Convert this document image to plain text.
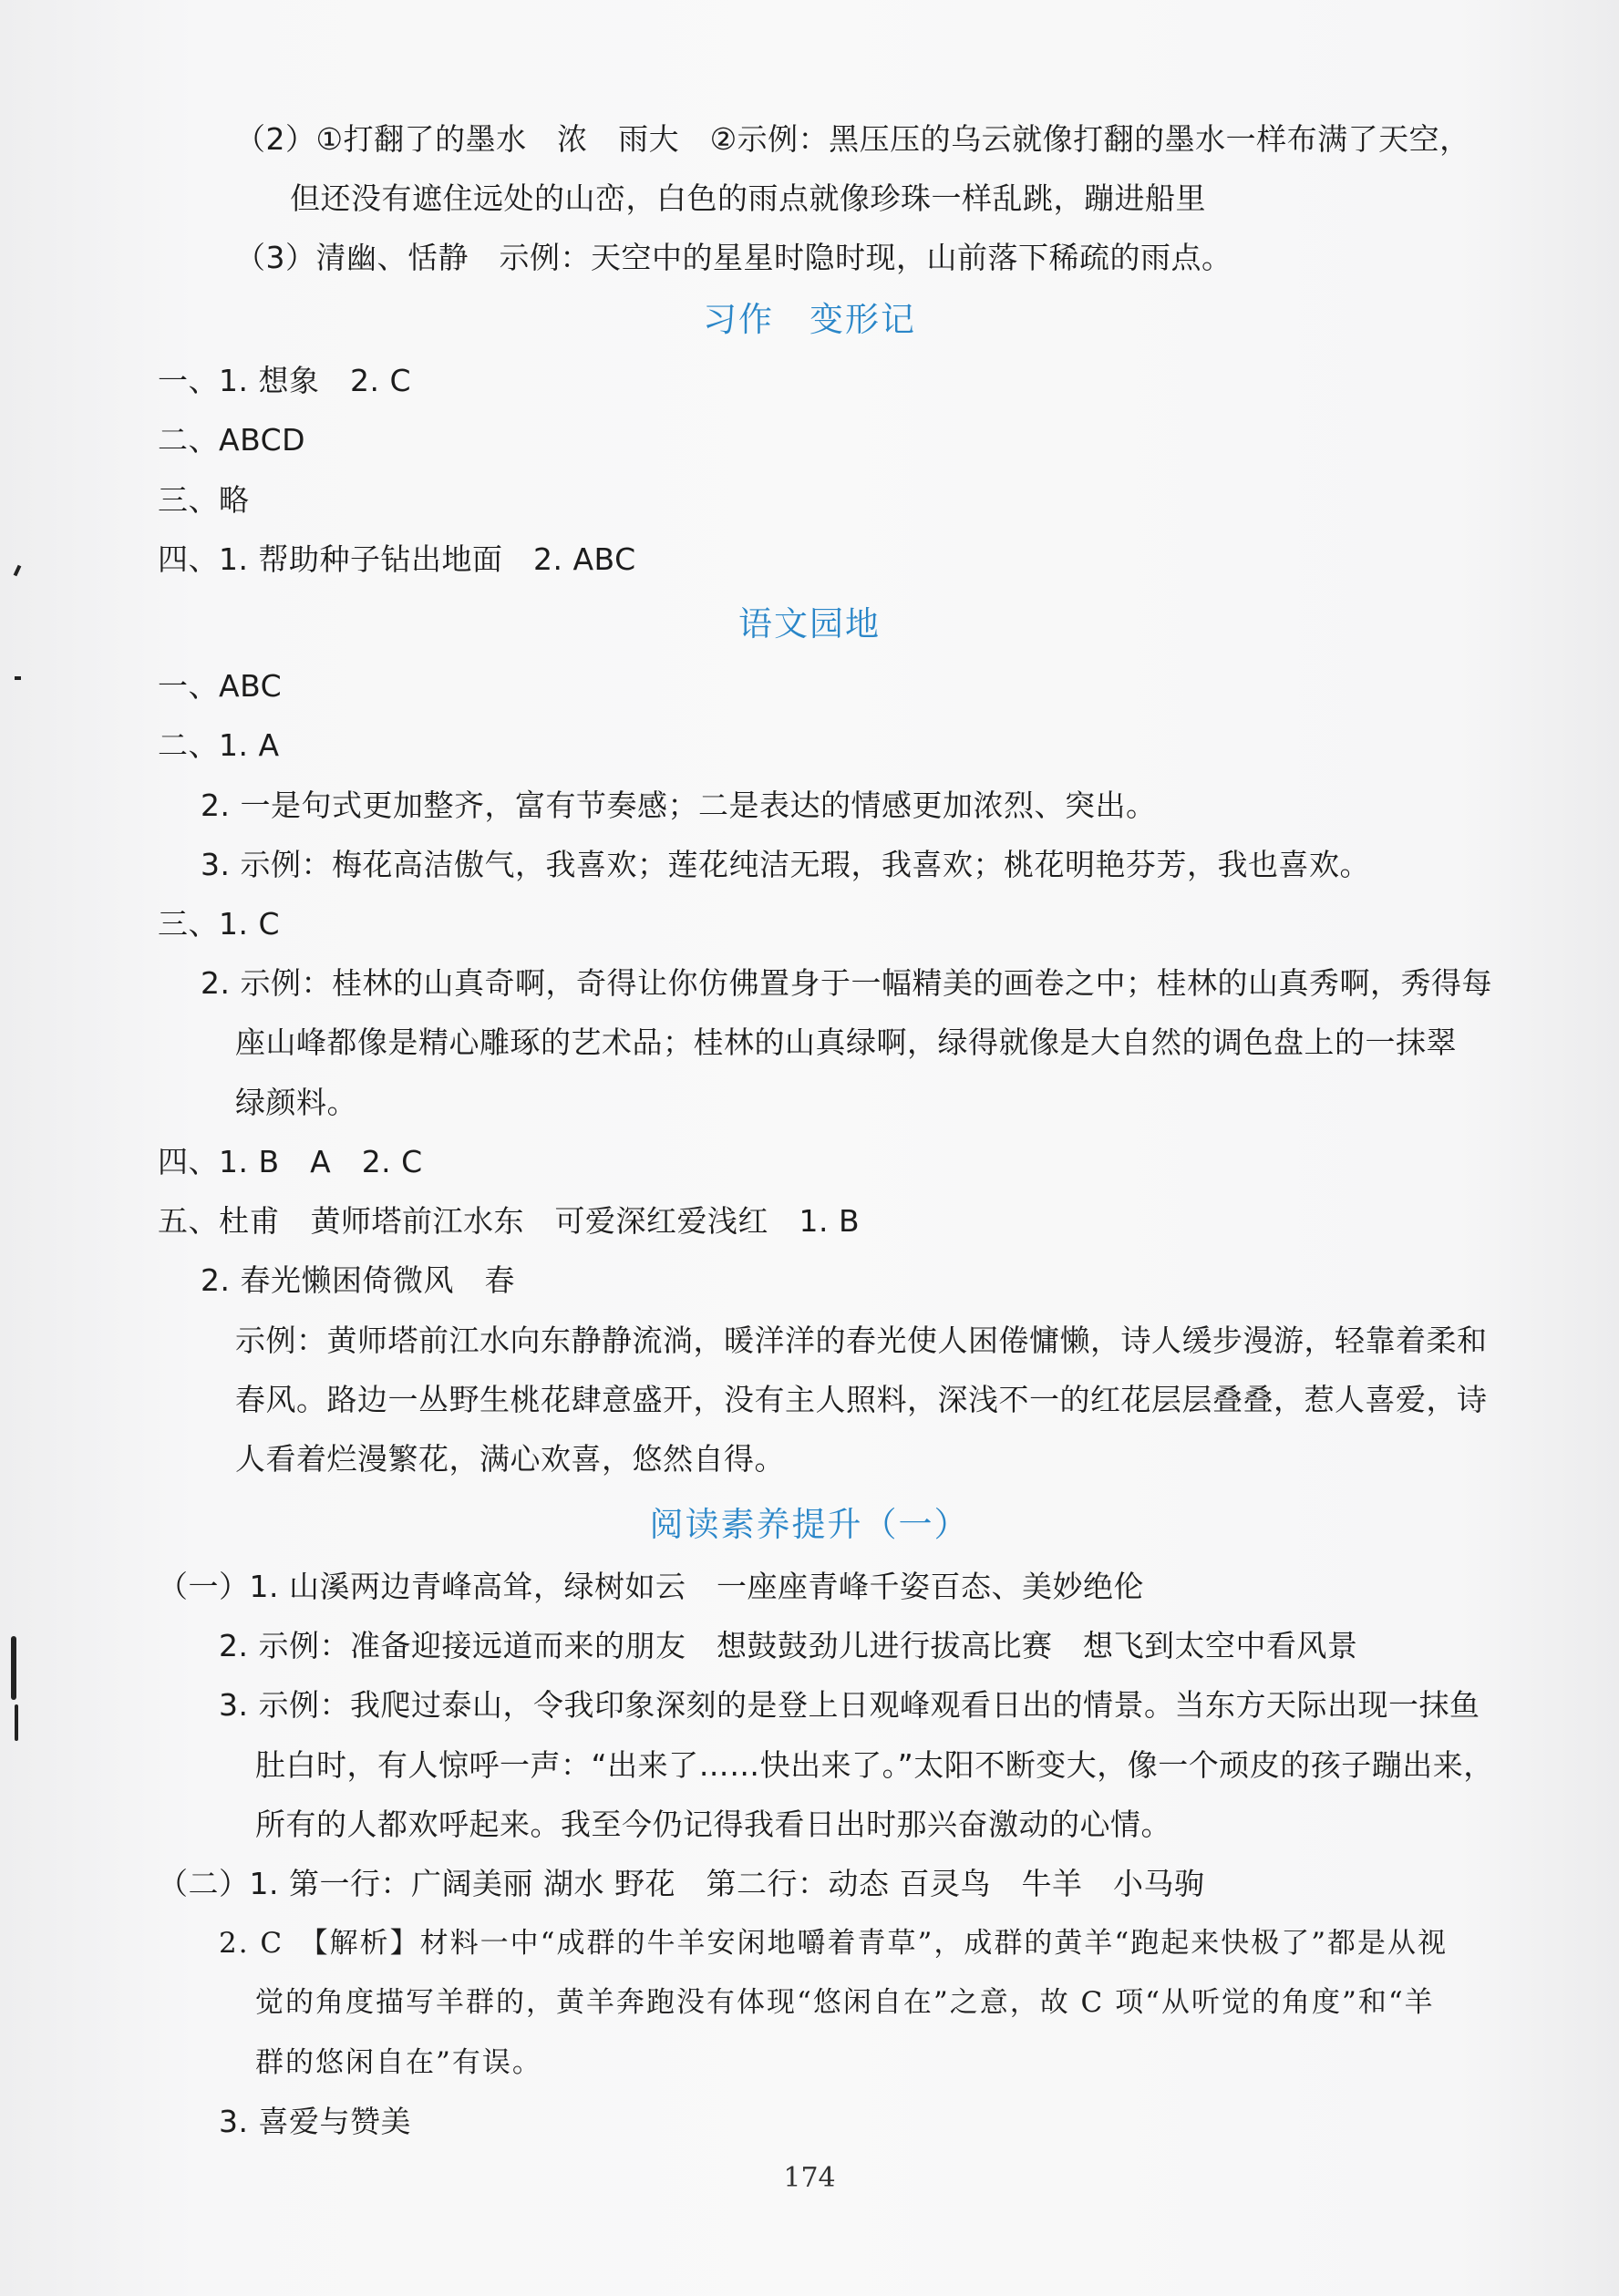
（2）①打翻了的墨水　浓　雨大　②示例：黑压压的乌云就像打翻的墨水一样布满了天空，
但还没有遮住远处的山峦，白色的雨点就像珍珠一样乱跳，蹦进船里
（3）清幽、恬静　示例：天空中的星星时隐时现，山前落下稀疏的雨点。
习作　变形记
一、1. 想象　2. C
二、ABCD
三、略
四、1. 帮助种子钻出地面　2. ABC
语文园地
一、ABC
二、1. A
2. 一是句式更加整齐，富有节奏感；二是表达的情感更加浓烈、突出。
3. 示例：梅花高洁傲气，我喜欢；莲花纯洁无瑕，我喜欢；桃花明艳芬芳，我也喜欢。
三、1. C
2. 示例：桂林的山真奇啊，奇得让你仿佛置身于一幅精美的画卷之中；桂林的山真秀啊，秀得每
座山峰都像是精心雕琢的艺术品；桂林的山真绿啊，绿得就像是大自然的调色盘上的一抹翠
绿颜料。
四、1. B　A　2. C
五、杜甫　黄师塔前江水东　可爱深红爱浅红　1. B
2. 春光懒困倚微风　春
示例：黄师塔前江水向东静静流淌，暖洋洋的春光使人困倦慵懒，诗人缓步漫游，轻靠着柔和
春风。路边一丛野生桃花肆意盛开，没有主人照料，深浅不一的红花层层叠叠，惹人喜爱，诗
人看着烂漫繁花，满心欢喜，悠然自得。
阅读素养提升（一）
（一）1. 山溪两边青峰高耸，绿树如云　一座座青峰千姿百态、美妙绝伦
2. 示例：准备迎接远道而来的朋友　想鼓鼓劲儿进行拔高比赛　想飞到太空中看风景
3. 示例：我爬过泰山，令我印象深刻的是登上日观峰观看日出的情景。当东方天际出现一抹鱼
肚白时，有人惊呼一声：“出来了……快出来了。”太阳不断变大，像一个顽皮的孩子蹦出来，
所有的人都欢呼起来。我至今仍记得我看日出时那兴奋激动的心情。
（二）1. 第一行：广阔美丽 湖水 野花　第二行：动态 百灵鸟　牛羊　小马驹
2. C　【解析】材料一中“成群的牛羊安闲地嚼着青草”，成群的黄羊“跑起来快极了”都是从视
觉的角度描写羊群的，黄羊奔跑没有体现“悠闲自在”之意，故 C 项“从听觉的角度”和“羊
群的悠闲自在”有误。
3. 喜爱与赞美
174
